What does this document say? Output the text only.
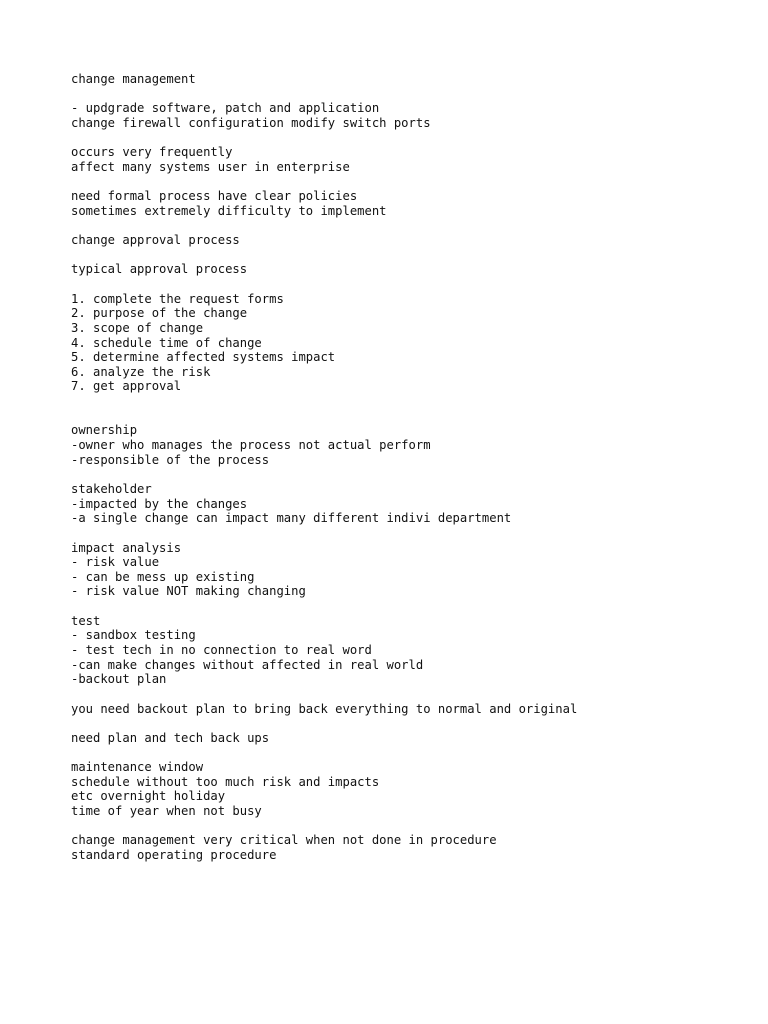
change management
- updgrade software, patch and application
change firewall configuration modify switch ports
occurs very frequently
affect many systems user in enterprise
need formal process have clear policies
sometimes extremely difficulty to implement
change approval process
typical approval process
1. complete the request forms
2. purpose of the change
3. scope of change
4. schedule time of change
5. determine affected systems impact
6. analyze the risk
7. get approval
ownership
-owner who manages the process not actual perform
-responsible of the process
stakeholder
-impacted by the changes
-a single change can impact many different indivi department
impact analysis
- risk value
- can be mess up existing
- risk value NOT making changing
test
- sandbox testing
- test tech in no connection to real word
-can make changes without affected in real world
-backout plan
you need backout plan to bring back everything to normal and original
need plan and tech back ups
maintenance window
schedule without too much risk and impacts
etc overnight holiday
time of year when not busy
change management very critical when not done in procedure
standard operating procedure
